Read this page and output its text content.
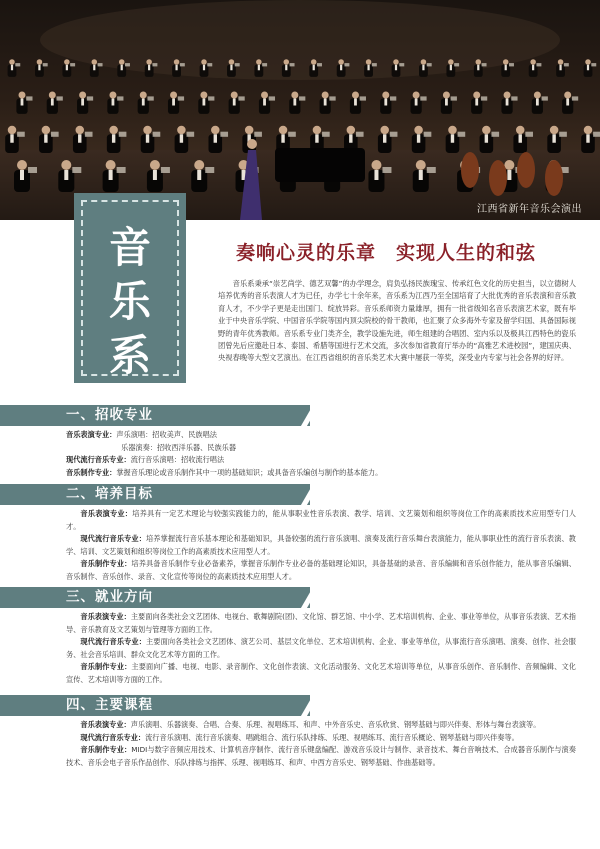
江西省新年音乐会演出
音
乐
系
奏响心灵的乐章　实现人生的和弦
音乐系秉承“崇艺尚学、德艺双馨”的办学理念，肩负弘扬民族瑰宝、传承红色文化的历史担当，以立德树人培养优秀的音乐表演人才为已任，办学七十余年来，音乐系为江西乃至全国培育了大批优秀的音乐表演和音乐教育人才，不少学子更是走出国门、绽放异彩。音乐系师资力量雄厚，拥有一批省级知名音乐表演艺术家，既有毕业于中央音乐学院、中国音乐学院等国内顶尖院校的骨干教师，也汇聚了众多海外专家及留学归国、具备国际视野的青年优秀教师。音乐系专业门类齐全，教学设施先进，师生组建的合唱团、室内乐以及极具江西特色的瓷乐团曾先后应邀赴日本、泰国、希腊等国进行艺术交流，多次参加省教育厅举办的“高雅艺术进校园”，建国庆典、央视春晚等大型文艺演出。在江西省组织的音乐类艺术大赛中屡获一等奖，深受业内专家与社会各界的好评。
一、招收专业
音乐表演专业：声乐演唱：招收美声、民族唱法
乐器演奏：招收西洋乐器、民族乐器
现代流行音乐专业：流行音乐演唱：招收流行唱法
音乐制作专业：掌握音乐理论或音乐制作其中一项的基础知识；或具备音乐编创与制作的基本能力。
二、培养目标
音乐表演专业：培养具有一定艺术理论与较强实践能力的，能从事职业性音乐表演、教学、培训、文艺策划和组织等岗位工作的高素质技术应用型专门人才。
现代流行音乐专业：培养掌握流行音乐基本理论和基础知识，具备较强的流行音乐演唱、演奏及流行音乐舞台表演能力，能从事职业性的流行音乐表演、教学、培训、文艺策划和组织等岗位工作的高素质技术应用型人才。
音乐制作专业：培养具备音乐制作专业必备素养，掌握音乐制作专业必备的基础理论知识，具备基础的录音、音乐编辑和音乐创作能力，能从事音乐编辑、音乐制作、音乐创作、录音、文化宣传等岗位的高素质技术应用型人才。
三、就业方向
音乐表演专业：主要面向各类社会文艺团体、电视台、歌舞剧院(团)、文化馆、群艺馆、中小学、艺术培训机构、企业、事业等单位，从事音乐表演、艺术指导、音乐教育及文艺策划与管理等方面的工作。
现代流行音乐专业：主要面向各类社会文艺团体、演艺公司、基层文化单位、艺术培训机构、企业、事业等单位，从事流行音乐演唱、演奏、创作、社会服务、社会音乐培训、群众文化艺术等方面的工作。
音乐制作专业：主要面向广播、电视、电影、录音制作、文化创作表演、文化活动服务、文化艺术培训等单位，从事音乐创作、音乐制作、音频编辑、文化宣传、艺术培训等方面的工作。
四、主要课程
音乐表演专业：声乐演唱、乐器演奏、合唱、合奏、乐理、视唱练耳、和声、中外音乐史、音乐欣赏、钢琴基础与即兴伴奏、形体与舞台表演等。
现代流行音乐专业：流行音乐演唱、流行音乐演奏、唱跳组合、流行乐队排练、乐理、视唱练耳、流行音乐概论、钢琴基础与即兴伴奏等。
音乐制作专业：MIDI与数字音频应用技术、计算机音序制作、流行音乐键盘编配、游戏音乐设计与制作、录音技术、舞台音响技术、合成器音乐制作与演奏技术、音乐会电子音乐作品创作、乐队排练与指挥、乐理、视唱练耳、和声、中西方音乐史、钢琴基础、作曲基础等。
